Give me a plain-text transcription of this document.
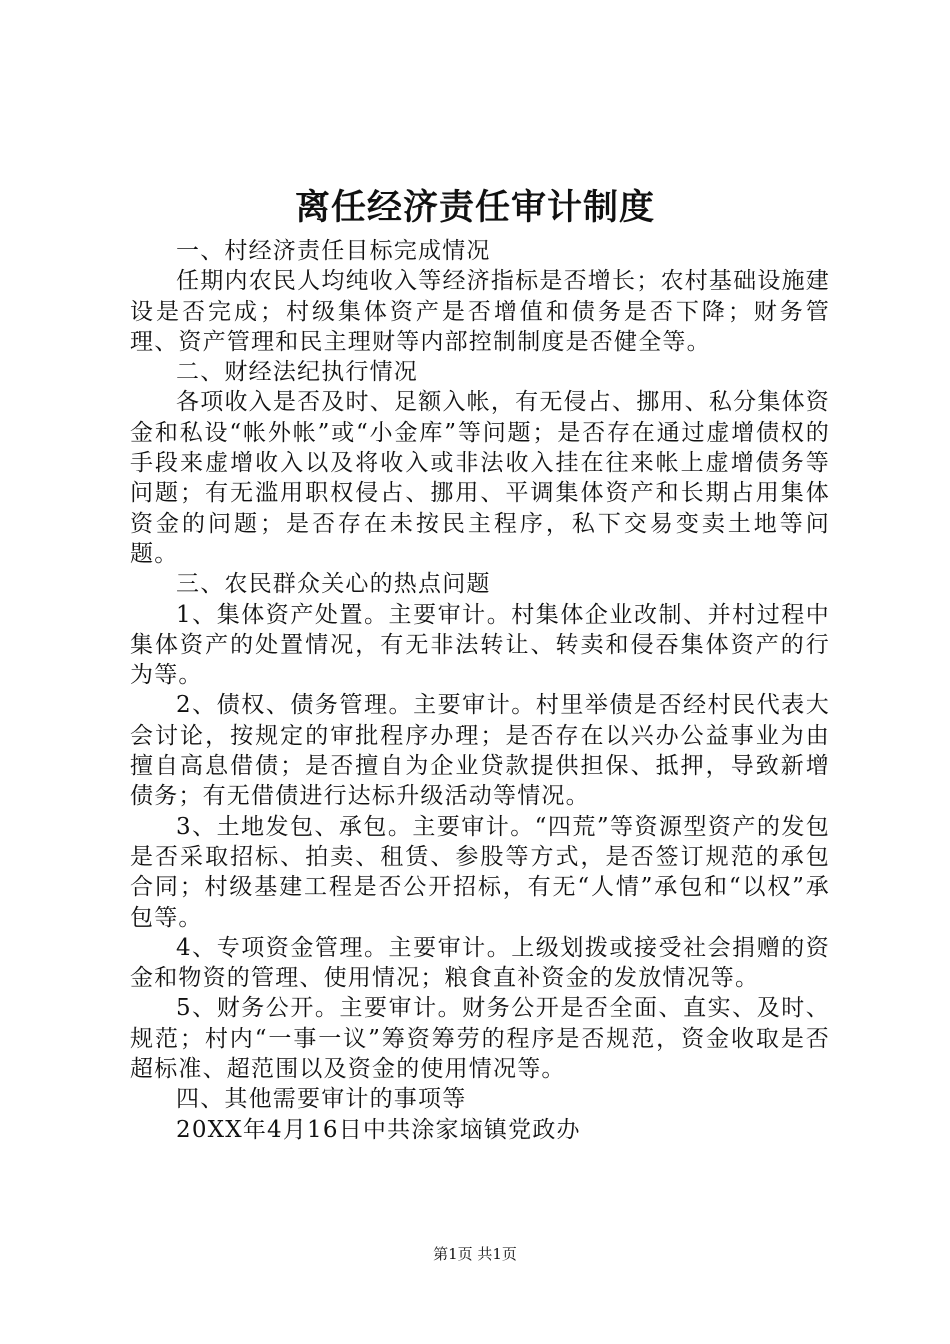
离任经济责任审计制度

一、村经济责任目标完成情况

任期内农民人均纯收入等经济指标是否增长；农村基础设施建设是否完成；村级集体资产是否增值和债务是否下降；财务管理、资产管理和民主理财等内部控制制度是否健全等。

二、财经法纪执行情况

各项收入是否及时、足额入帐，有无侵占、挪用、私分集体资金和私设“帐外帐”或“小金库”等问题；是否存在通过虚增债权的手段来虚增收入以及将收入或非法收入挂在往来帐上虚增债务等问题；有无滥用职权侵占、挪用、平调集体资产和长期占用集体资金的问题；是否存在未按民主程序，私下交易变卖土地等问题。

三、农民群众关心的热点问题

1、集体资产处置。主要审计。村集体企业改制、并村过程中集体资产的处置情况，有无非法转让、转卖和侵吞集体资产的行为等。

2、债权、债务管理。主要审计。村里举债是否经村民代表大会讨论，按规定的审批程序办理；是否存在以兴办公益事业为由擅自高息借债；是否擅自为企业贷款提供担保、抵押，导致新增债务；有无借债进行达标升级活动等情况。

3、土地发包、承包。主要审计。“四荒”等资源型资产的发包是否采取招标、拍卖、租赁、参股等方式，是否签订规范的承包合同；村级基建工程是否公开招标，有无“人情”承包和“以权”承包等。

4、专项资金管理。主要审计。上级划拨或接受社会捐赠的资金和物资的管理、使用情况；粮食直补资金的发放情况等。

5、财务公开。主要审计。财务公开是否全面、直实、及时、规范；村内“一事一议”筹资筹劳的程序是否规范，资金收取是否超标准、超范围以及资金的使用情况等。

四、其他需要审计的事项等

20XX年4月16日中共涂家垴镇党政办

第1页 共1页
